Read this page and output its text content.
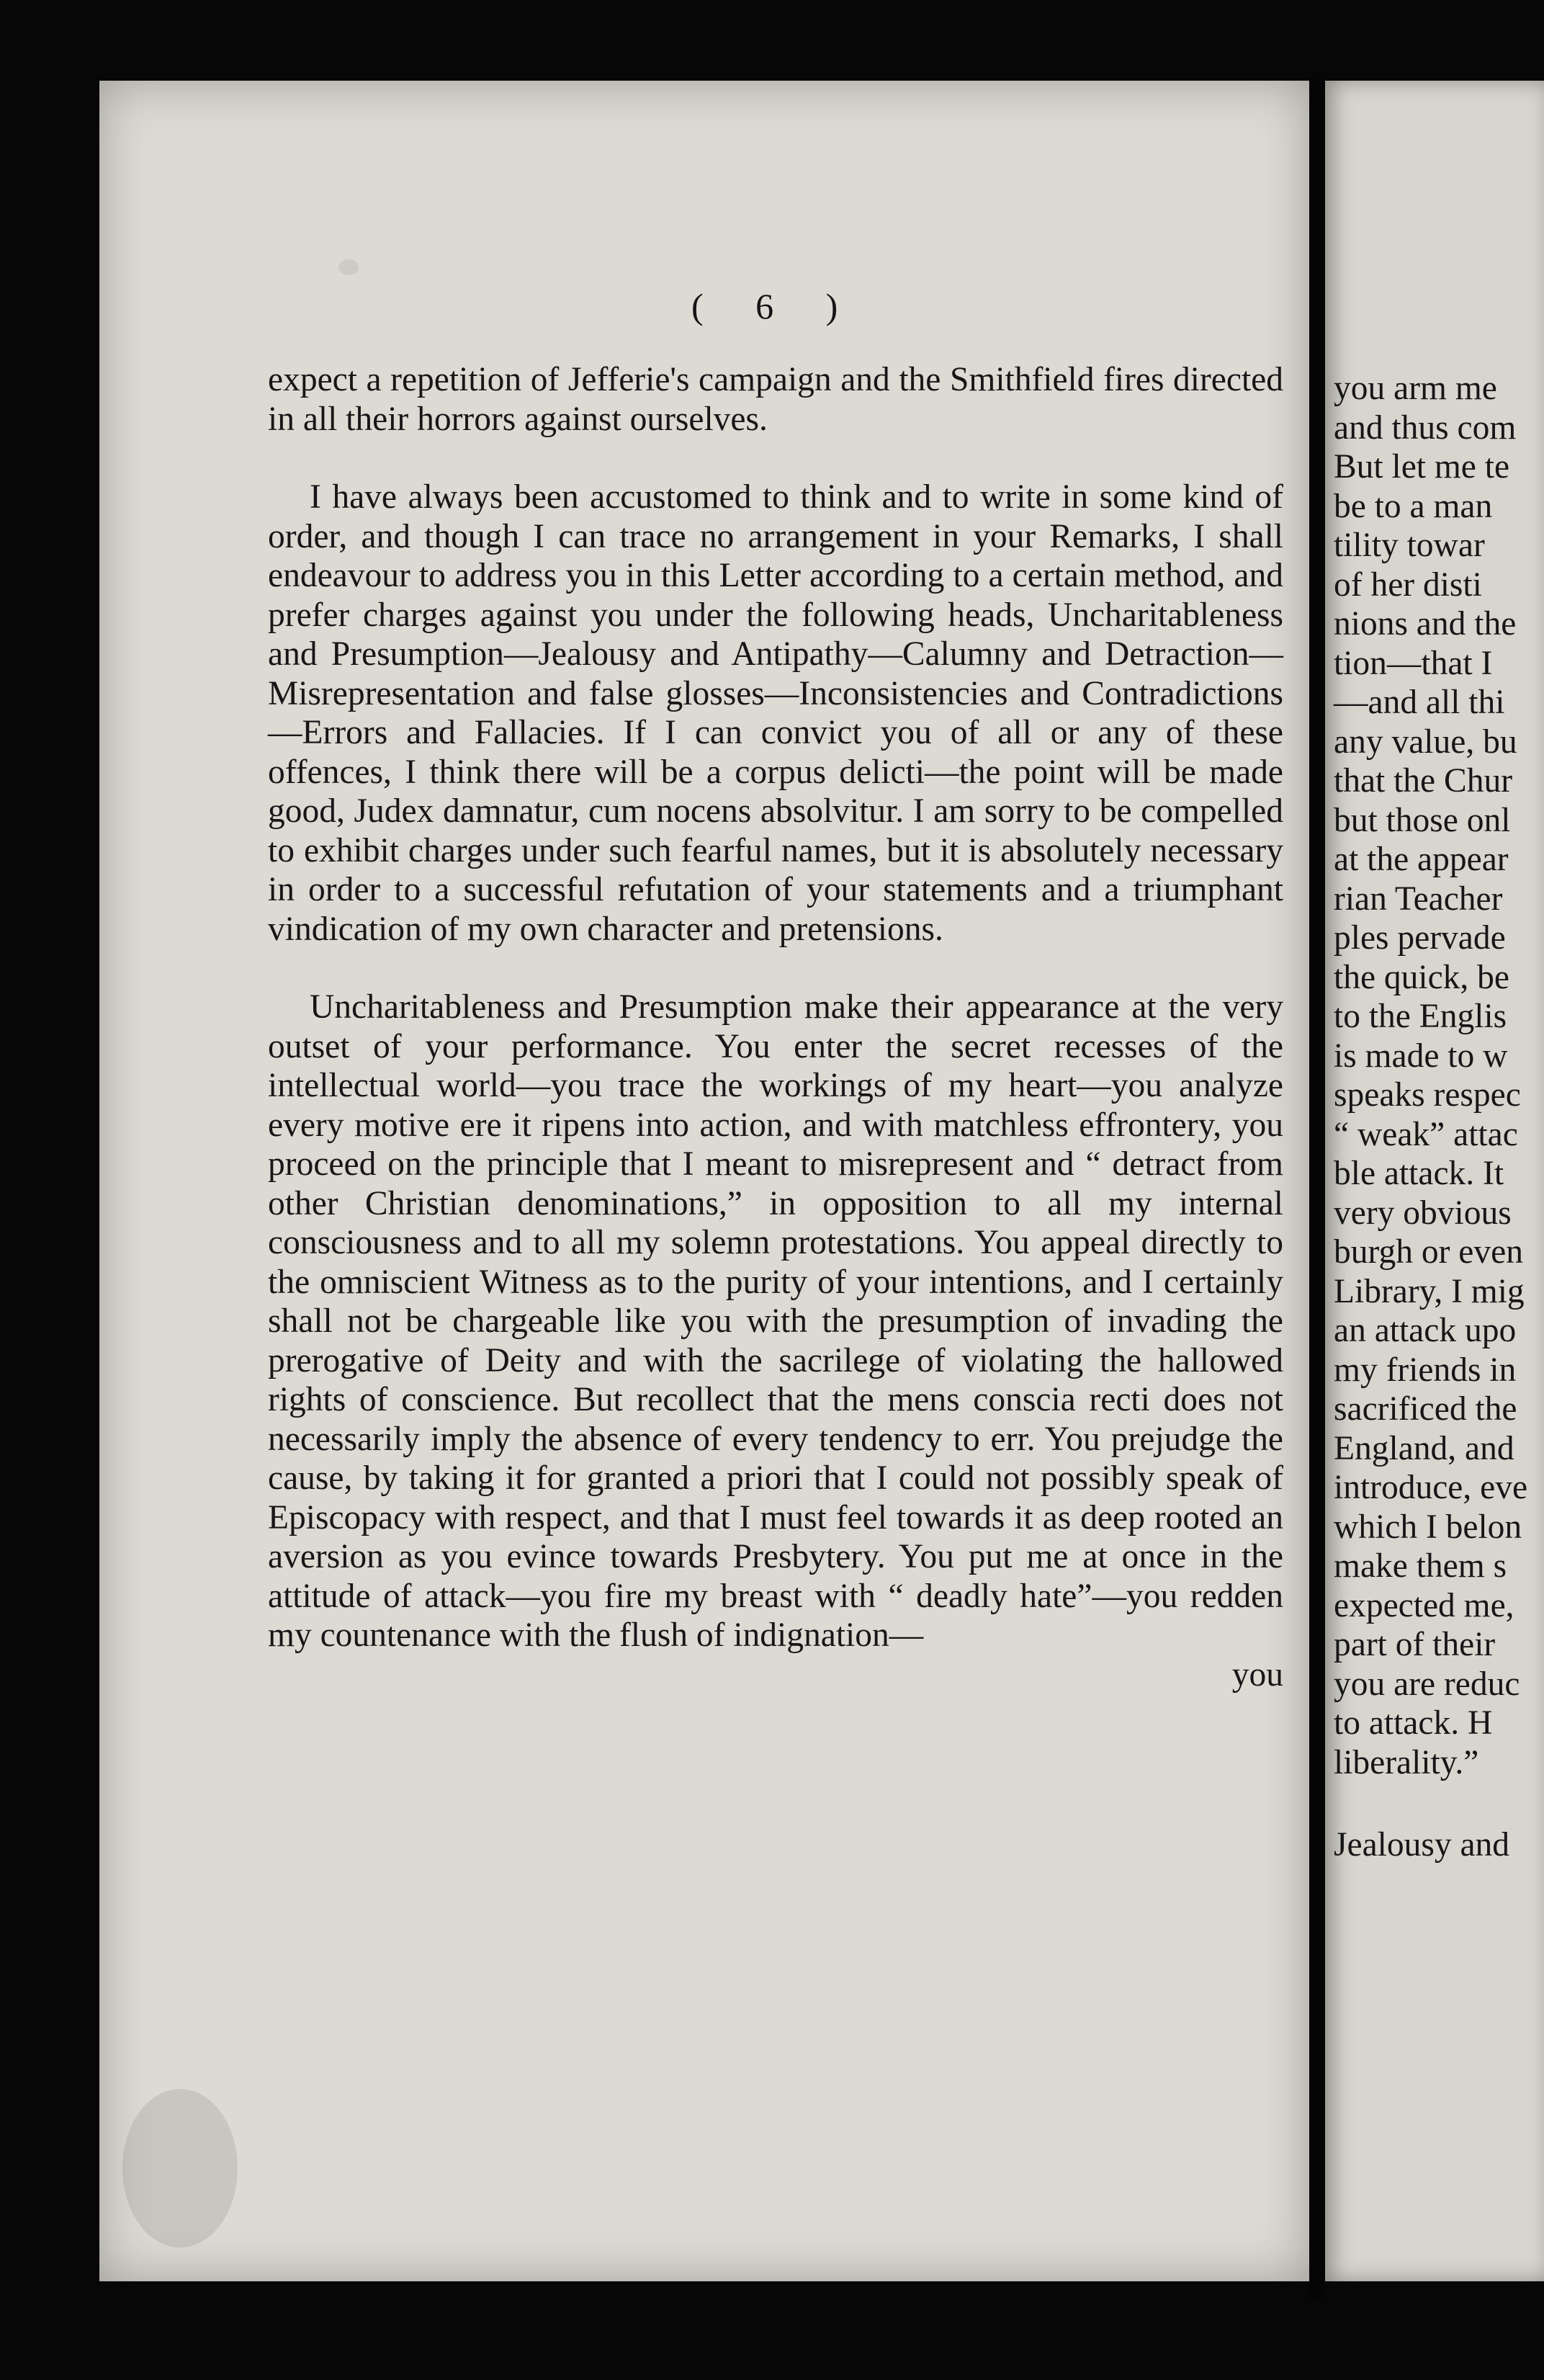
( 6 )

expect a repetition of Jefferie's campaign and the Smithfield fires directed in all their horrors against ourselves.

I have always been accustomed to think and to write in some kind of order, and though I can trace no arrangement in your Remarks, I shall endeavour to address you in this Letter according to a certain method, and prefer charges against you under the following heads, Uncharitableness and Presumption—Jealousy and Antipathy—Calumny and Detraction—Misrepresentation and false glosses—Inconsistencies and Contradictions—Errors and Fallacies. If I can convict you of all or any of these offences, I think there will be a corpus delicti—the point will be made good, Judex damnatur, cum nocens absolvitur. I am sorry to be compelled to exhibit charges under such fearful names, but it is absolutely necessary in order to a successful refutation of your statements and a triumphant vindication of my own character and pretensions.

Uncharitableness and Presumption make their appearance at the very outset of your performance. You enter the secret recesses of the intellectual world—you trace the workings of my heart—you analyze every motive ere it ripens into action, and with matchless effrontery, you proceed on the principle that I meant to misrepresent and “ detract from other Christian denominations,” in opposition to all my internal consciousness and to all my solemn protestations. You appeal directly to the omniscient Witness as to the purity of your intentions, and I certainly shall not be chargeable like you with the presumption of invading the prerogative of Deity and with the sacrilege of violating the hallowed rights of conscience. But recollect that the mens conscia recti does not necessarily imply the absence of every tendency to err. You prejudge the cause, by taking it for granted a priori that I could not possibly speak of Episcopacy with respect, and that I must feel towards it as deep rooted an aversion as you evince towards Presbytery. You put me at once in the attitude of attack—you fire my breast with “ deadly hate”—you redden my countenance with the flush of indignation—

you
you arm me
and thus com
But let me te
be to a man
tility towar
of her disti
nions and the
tion—that I
—and all thi
any value, bu
that the Chur
but those onl
at the appear
rian Teacher
ples pervade
the quick, be
to the Englis
is made to w
speaks respec
“ weak” attac
ble attack. It
very obvious
burgh or even
Library, I mig
an attack upo
my friends in
sacrificed the
England, and
introduce, eve
which I belon
make them s
expected me,
part of their
you are reduc
to attack. H
liberality.”
Jealousy and
